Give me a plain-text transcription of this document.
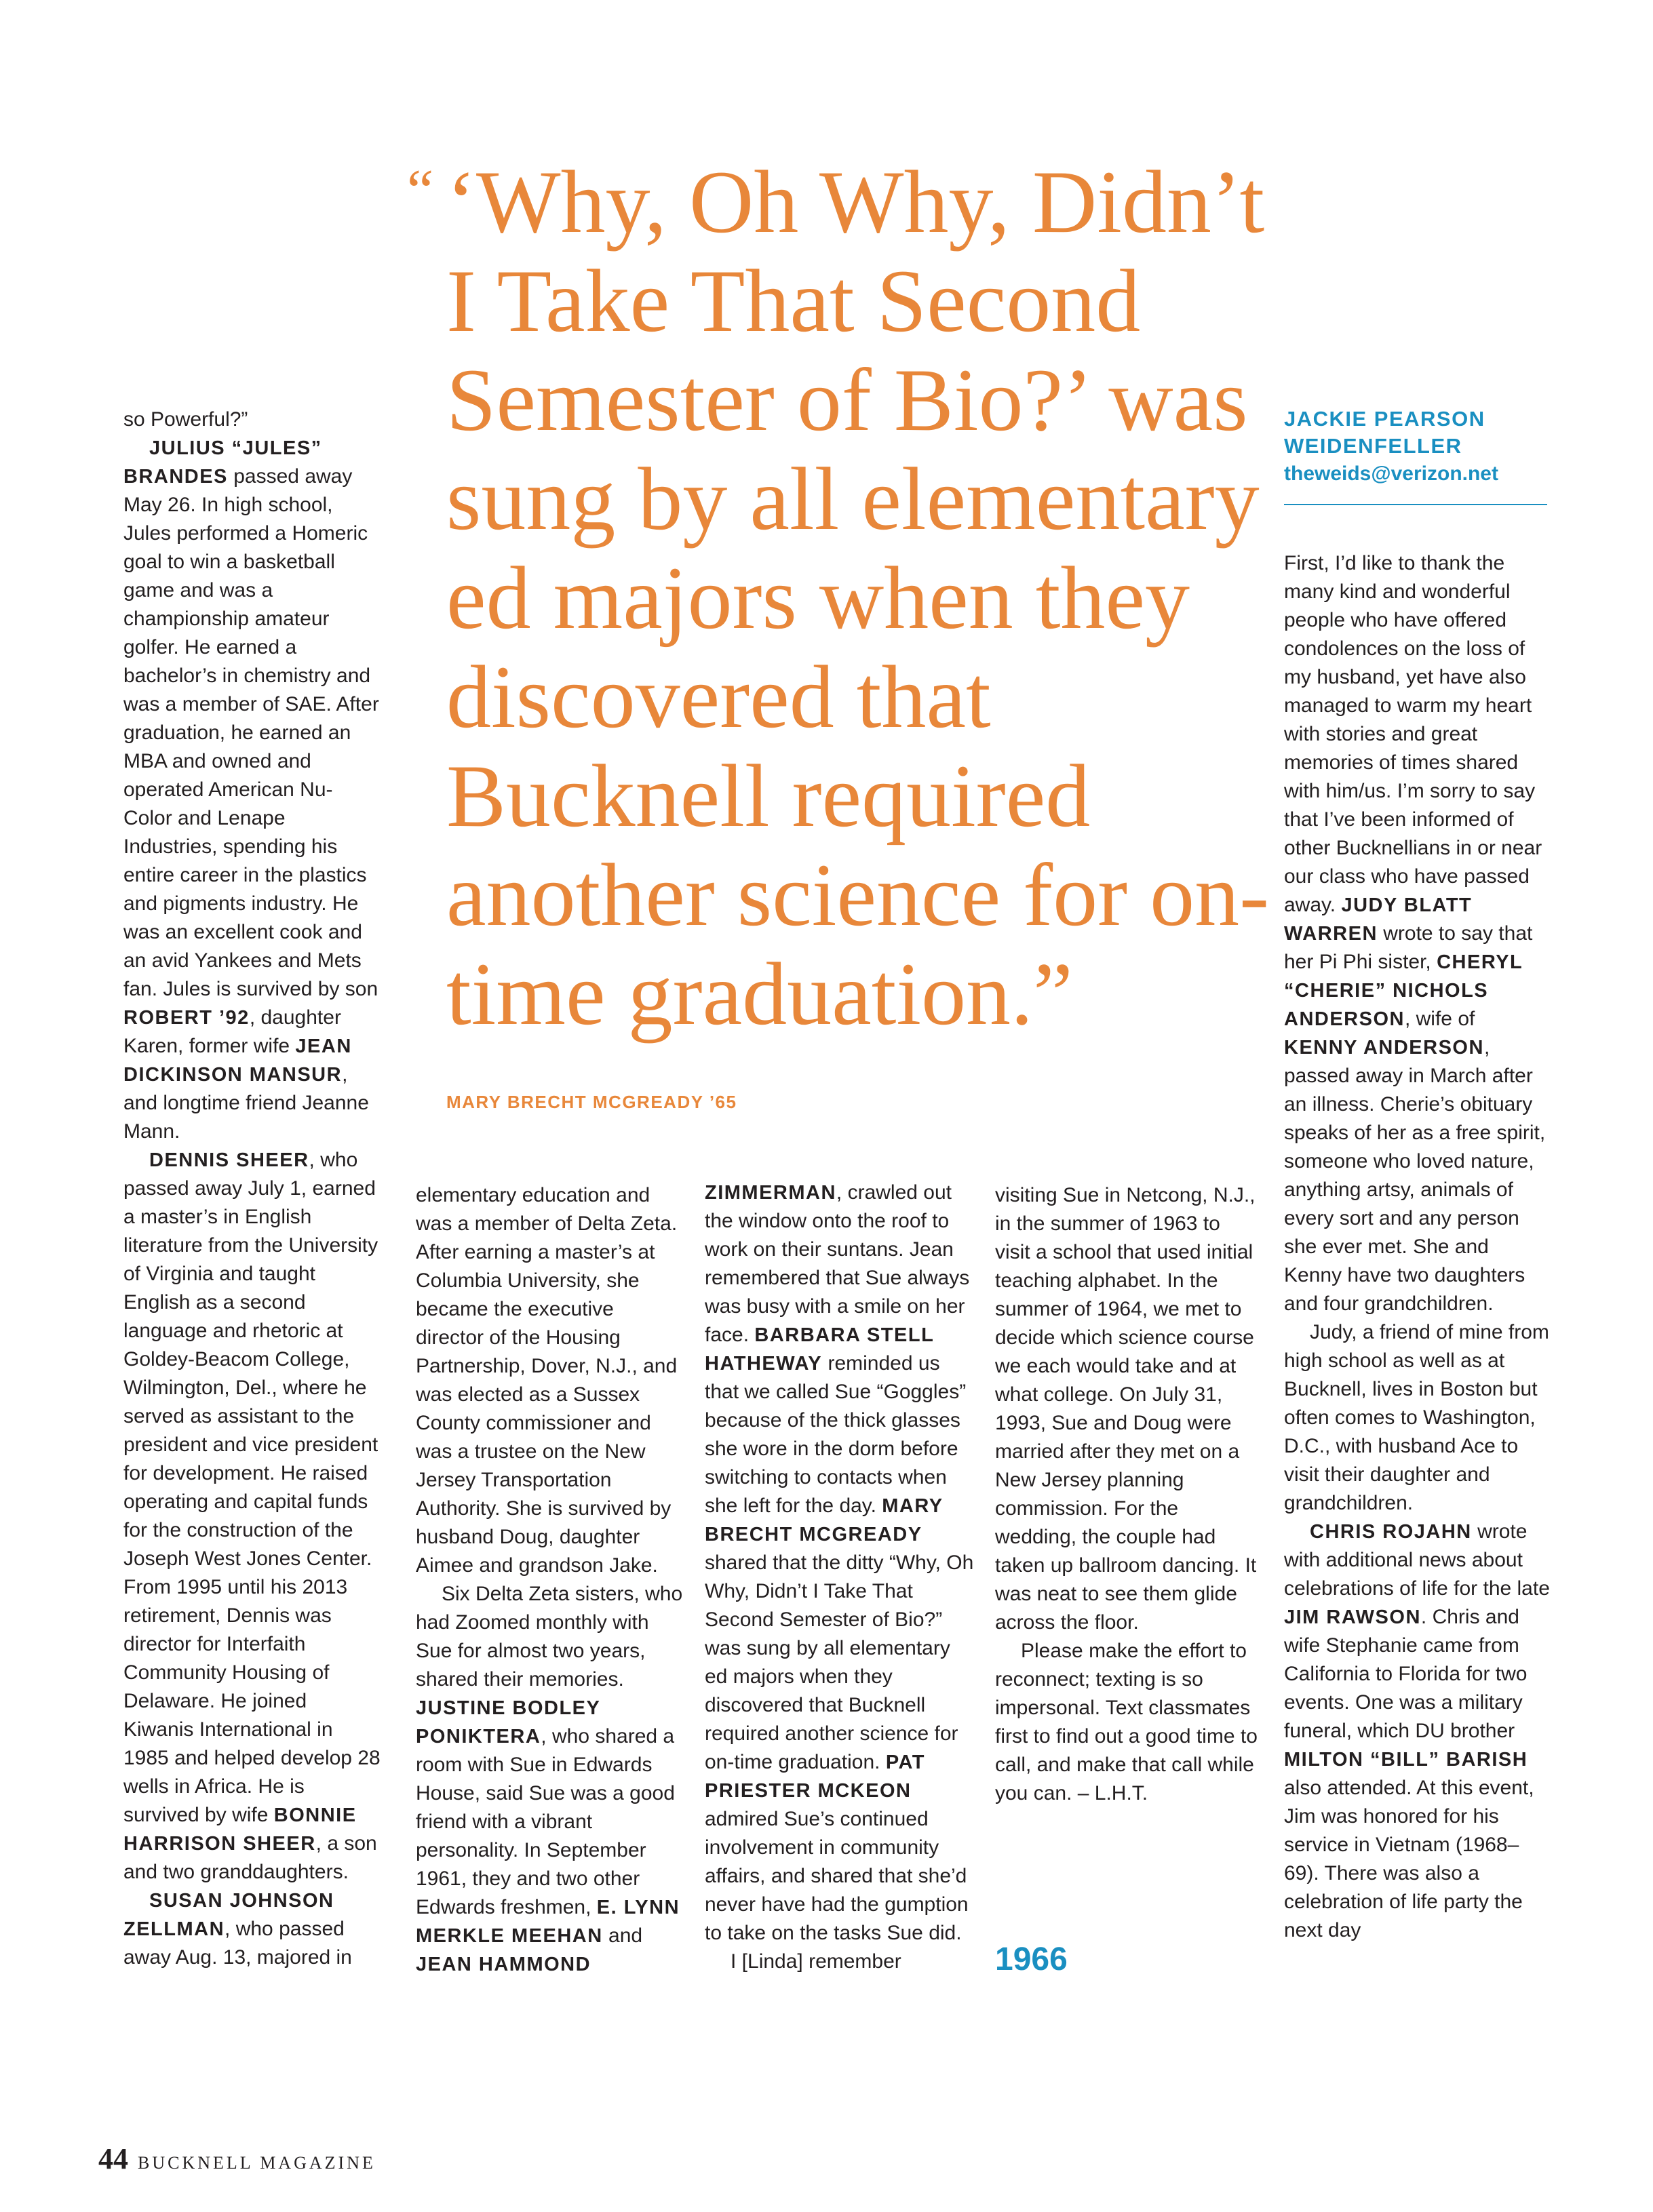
“ ‘Why, Oh Why, Didn’t I Take That Second Semester of Bio?’ was sung by all elementary ed majors when they discovered that Bucknell required another science for on-time graduation.”
MARY BRECHT MCGREADY ’65
JACKIE PEARSON
WEIDENFELLER
theweids@verizon.net

so Powerful?”

JULIUS “JULES” BRANDES passed away May 26. In high school, Jules performed a Homeric goal to win a basketball game and was a championship amateur golfer. He earned a bachelor’s in chemistry and was a member of SAE. After graduation, he earned an MBA and owned and operated American Nu-Color and Lenape Industries, spending his entire career in the plastics and pigments industry. He was an excellent cook and an avid Yankees and Mets fan. Jules is survived by son ROBERT ’92, daughter Karen, former wife JEAN DICKINSON MANSUR, and longtime friend Jeanne Mann.

DENNIS SHEER, who passed away July 1, earned a master’s in English literature from the University of Virginia and taught English as a second language and rhetoric at Goldey-Beacom College, Wilmington, Del., where he served as assistant to the president and vice president for development. He raised operating and capital funds for the construction of the Joseph West Jones Center. From 1995 until his 2013 retirement, Dennis was director for Interfaith Community Housing of Delaware. He joined Kiwanis International in 1985 and helped develop 28 wells in Africa. He is survived by wife BONNIE HARRISON SHEER, a son and two granddaughters.

SUSAN JOHNSON ZELLMAN, who passed away Aug. 13, majored in

elementary education and was a member of Delta Zeta. After earning a master’s at Columbia University, she became the executive director of the Housing Partnership, Dover, N.J., and was elected as a Sussex County commissioner and was a trustee on the New Jersey Transportation Authority. She is survived by husband Doug, daughter Aimee and grandson Jake.

Six Delta Zeta sisters, who had Zoomed monthly with Sue for almost two years, shared their memories. JUSTINE BODLEY PONIKTERA, who shared a room with Sue in Edwards House, said Sue was a good friend with a vibrant personality. In September 1961, they and two other Edwards freshmen, E. LYNN MERKLE MEEHAN and JEAN HAMMOND

ZIMMERMAN, crawled out the window onto the roof to work on their suntans. Jean remembered that Sue always was busy with a smile on her face. BARBARA STELL HATHEWAY reminded us that we called Sue “Goggles” because of the thick glasses she wore in the dorm before switching to contacts when she left for the day. MARY BRECHT MCGREADY shared that the ditty “Why, Oh Why, Didn’t I Take That Second Semester of Bio?” was sung by all elementary ed majors when they discovered that Bucknell required another science for on-time graduation. PAT PRIESTER MCKEON admired Sue’s continued involvement in community affairs, and shared that she’d never have had the gumption to take on the tasks Sue did.

I [Linda] remember

visiting Sue in Netcong, N.J., in the summer of 1963 to visit a school that used initial teaching alphabet. In the summer of 1964, we met to decide which science course we each would take and at what college. On July 31, 1993, Sue and Doug were married after they met on a New Jersey planning commission. For the wedding, the couple had taken up ballroom dancing. It was neat to see them glide across the floor.

Please make the effort to reconnect; texting is so impersonal. Text classmates first to find out a good time to call, and make that call while you can. – L.H.T.

1966

First, I’d like to thank the many kind and wonderful people who have offered condolences on the loss of my husband, yet have also managed to warm my heart with stories and great memories of times shared with him/us. I’m sorry to say that I’ve been informed of other Bucknellians in or near our class who have passed away. JUDY BLATT WARREN wrote to say that her Pi Phi sister, CHERYL “CHERIE” NICHOLS ANDERSON, wife of KENNY ANDERSON, passed away in March after an illness. Cherie’s obituary speaks of her as a free spirit, someone who loved nature, anything artsy, animals of every sort and any person she ever met. She and Kenny have two daughters and four grandchildren.

Judy, a friend of mine from high school as well as at Bucknell, lives in Boston but often comes to Washington, D.C., with husband Ace to visit their daughter and grandchildren.

CHRIS ROJAHN wrote with additional news about celebrations of life for the late JIM RAWSON. Chris and wife Stephanie came from California to Florida for two events. One was a military funeral, which DU brother MILTON “BILL” BARISH also attended. At this event, Jim was honored for his service in Vietnam (1968–69). There was also a celebration of life party the next day

44 BUCKNELL MAGAZINE
